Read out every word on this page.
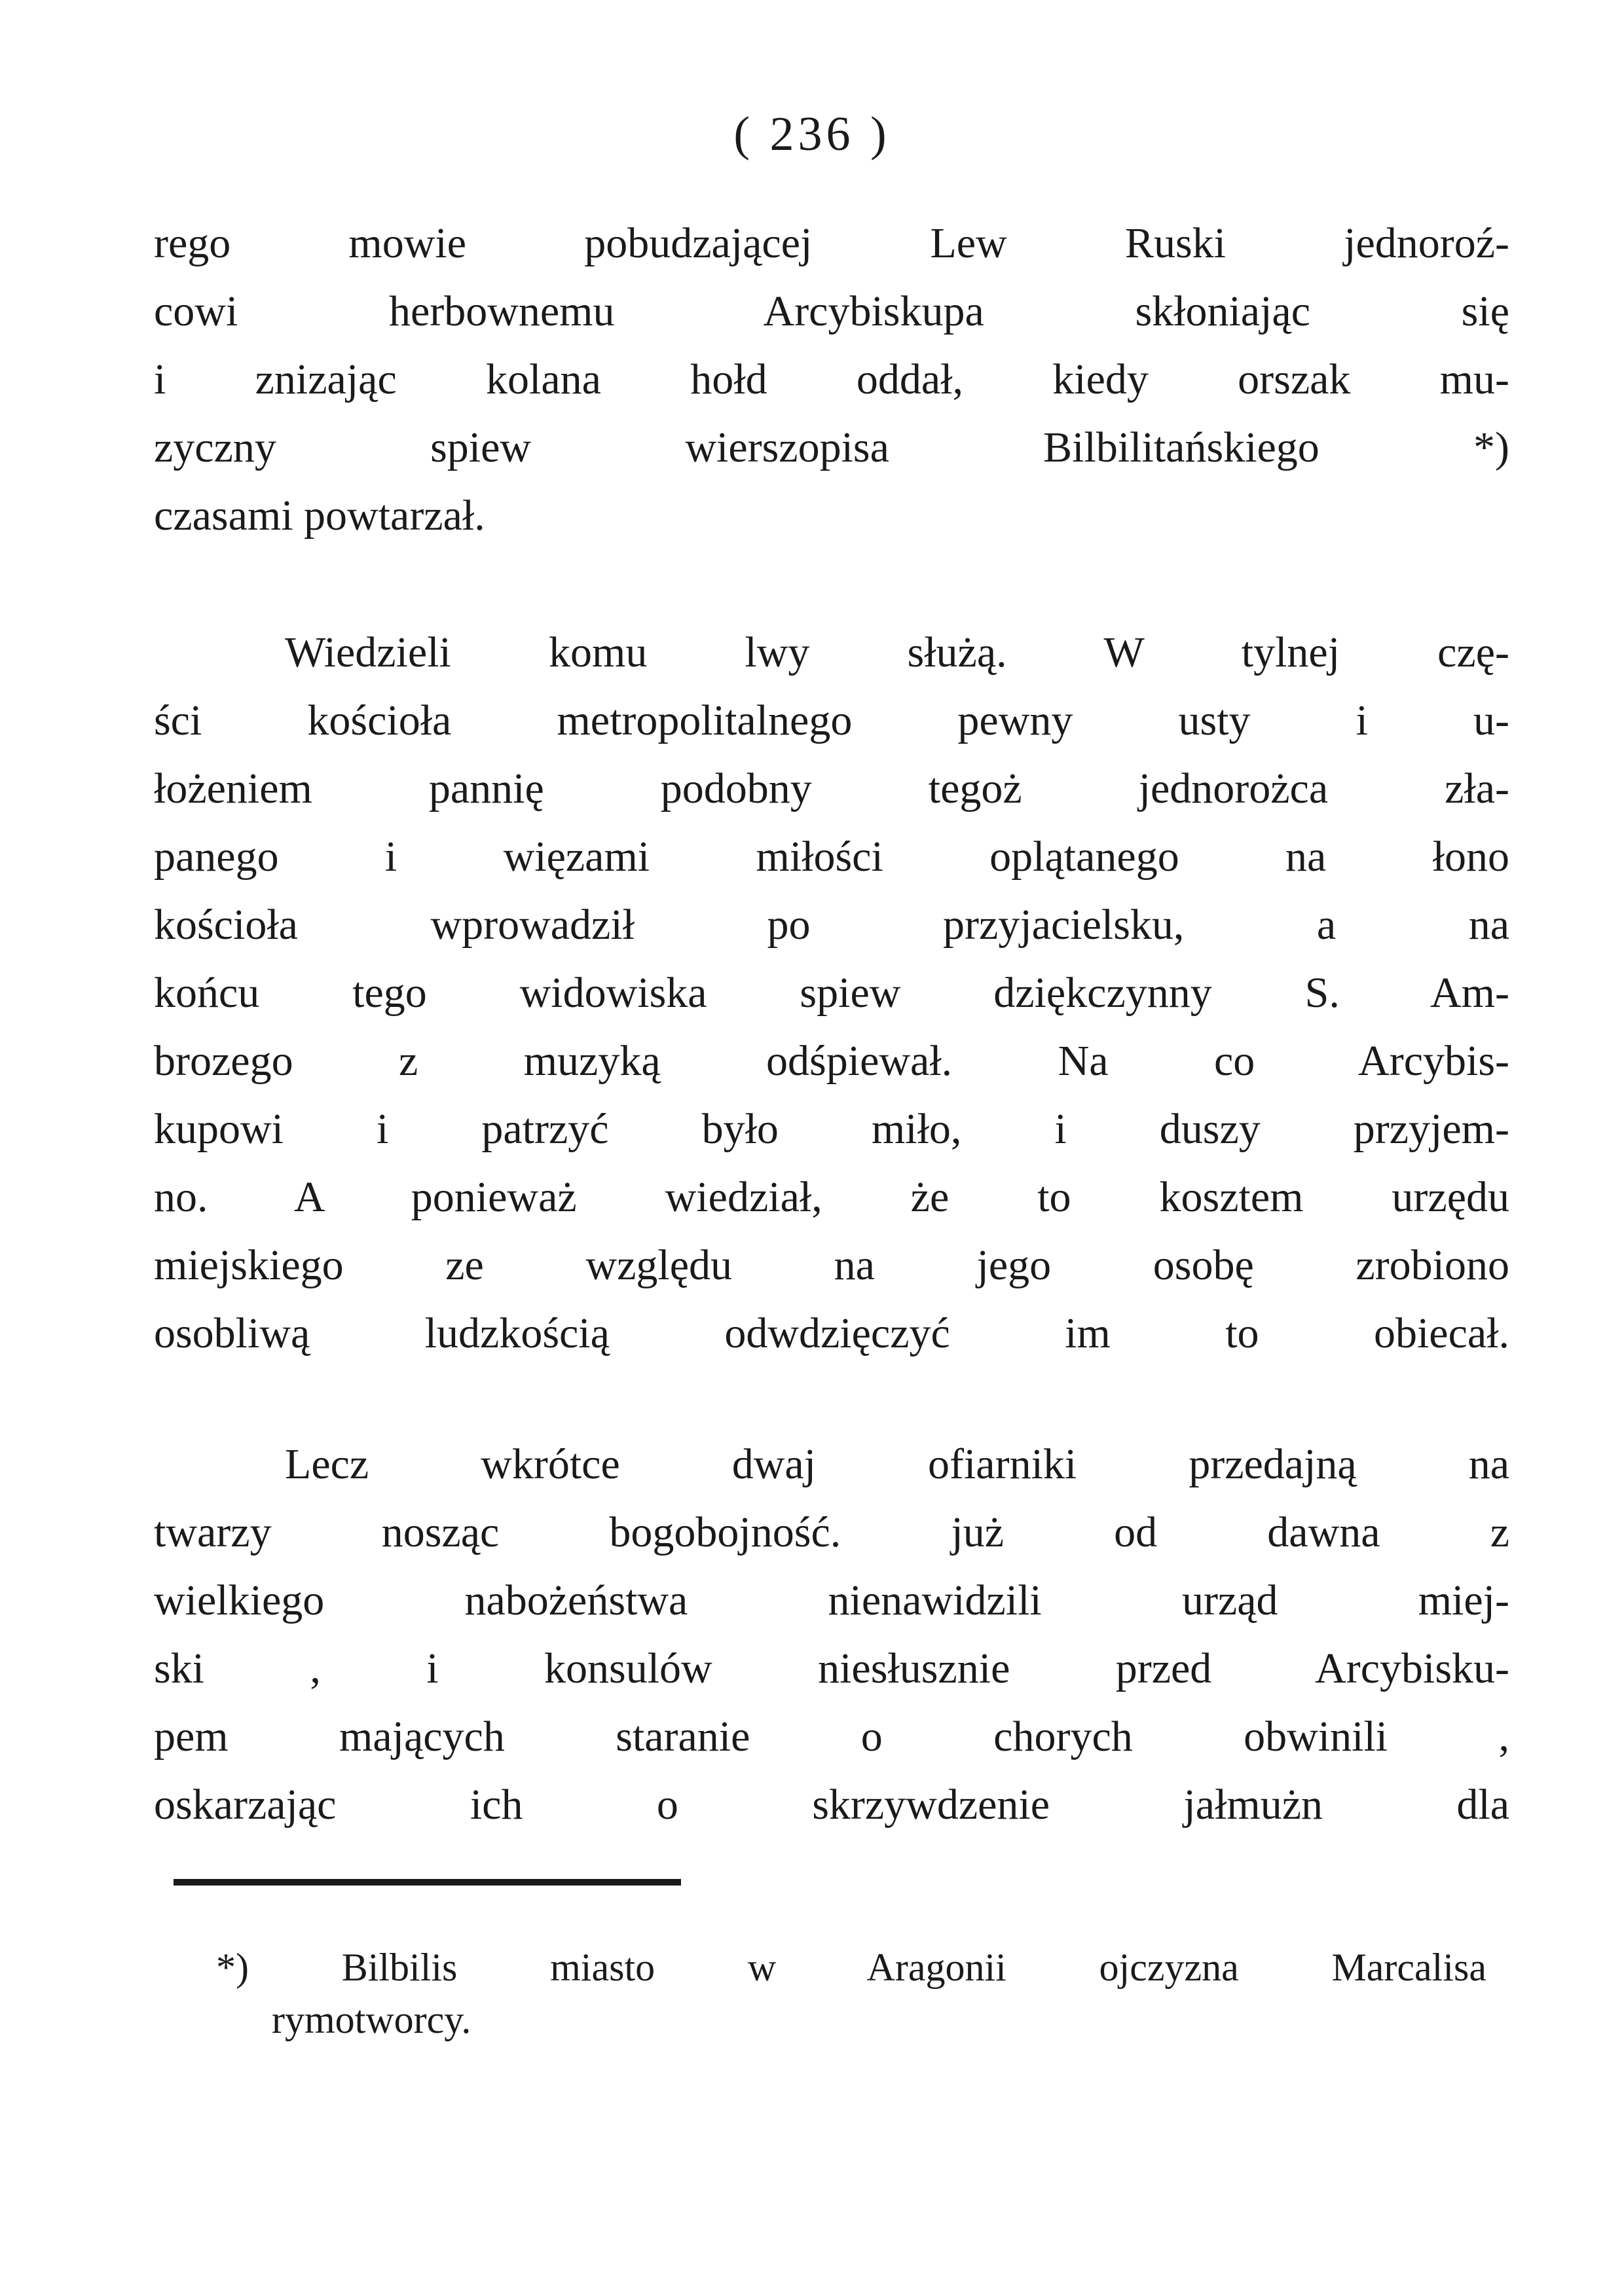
( 236 )
rego mowie pobudzającej Lew Ruski jednoroź-
cowi herbownemu Arcybiskupa skłoniając się
i znizając kolana hołd oddał, kiedy orszak mu-
zyczny spiew wierszopisa Bilbilitańskiego *)
czasami powtarzał.
Wiedzieli komu lwy służą. W tylnej czę-
ści kościoła metropolitalnego pewny usty i u-
łożeniem pannię podobny tegoż jednorożca zła-
panego i więzami miłości oplątanego na łono
kościoła wprowadził po przyjacielsku, a na
końcu tego widowiska spiew dziękczynny S. Am-
brozego z muzyką odśpiewał. Na co Arcybis-
kupowi i patrzyć było miło, i duszy przyjem-
no. A ponieważ wiedział, że to kosztem urzędu
miejskiego ze względu na jego osobę zrobiono
osobliwą ludzkością odwdzięczyć im to obiecał.
Lecz wkrótce dwaj ofiarniki przedajną na
twarzy nosząc bogobojność. już od dawna z
wielkiego nabożeństwa nienawidzili urząd miej-
ski , i konsulów niesłusznie przed Arcybisku-
pem mających staranie o chorych obwinili ,
oskarzając ich o skrzywdzenie jałmużn dla
*) Bilbilis miasto w Aragonii ojczyzna Marcalisa
rymotworcy.
